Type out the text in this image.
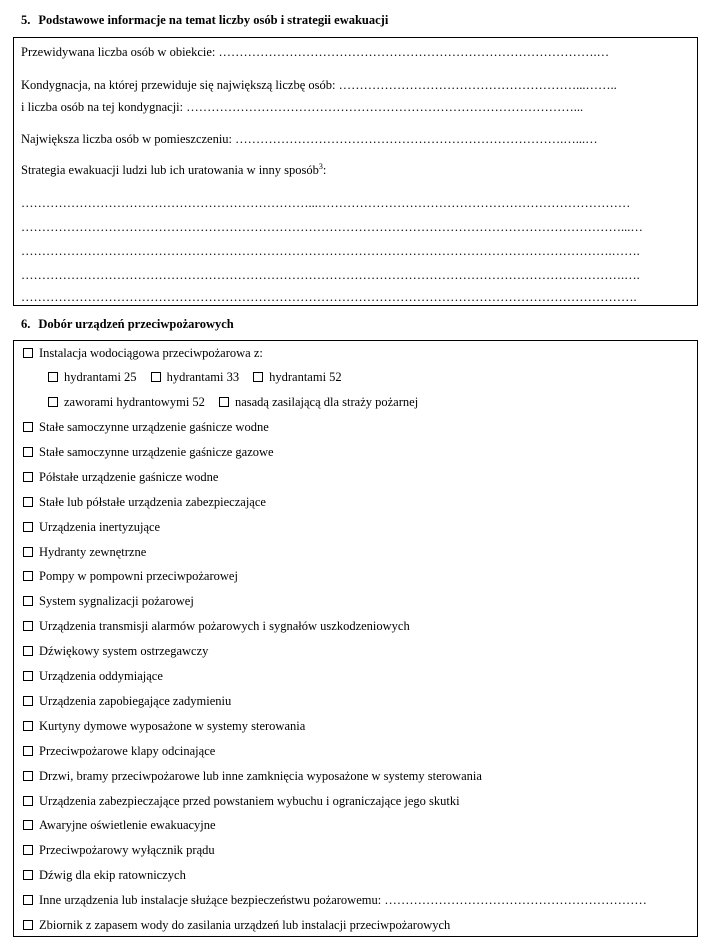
5. Podstawowe informacje na temat liczby osób i strategii ewakuacji
Przewidywana liczba osób w obiekcie: ……………………………………………………………………………….…
Kondygnacja, na której przewiduje się największą liczbę osób: …………………………………………………...……..
i liczba osób na tej kondygnacji: …………………………………………………………………………………...
Największa liczba osób w pomieszczeniu: …………………………………………………………………….…...…
Strategia ewakuacji ludzi lub ich uratowania w inny sposób$^3$:
……………………………………………………………...…………………………………………………………………
………………………………………………………………………………………………………………………………...…
…………………………………………………………………………………………………………………………….…….
……………………………………………………………………………………………………………………………….….
………………………………………………………………………………………………………………………………….
6. Dobór urządzeń przeciwpożarowych
Instalacja wodociągowa przeciwpożarowa z:
hydrantami 25 hydrantami 33 hydrantami 52
zaworami hydrantowymi 52 nasadą zasilającą dla straży pożarnej
Stałe samoczynne urządzenie gaśnicze wodne
Stałe samoczynne urządzenie gaśnicze gazowe
Półstałe urządzenie gaśnicze wodne
Stałe lub półstałe urządzenia zabezpieczające
Urządzenia inertyzujące
Hydranty zewnętrzne
Pompy w pompowni przeciwpożarowej
System sygnalizacji pożarowej
Urządzenia transmisji alarmów pożarowych i sygnałów uszkodzeniowych
Dźwiękowy system ostrzegawczy
Urządzenia oddymiające
Urządzenia zapobiegające zadymieniu
Kurtyny dymowe wyposażone w systemy sterowania
Przeciwpożarowe klapy odcinające
Drzwi, bramy przeciwpożarowe lub inne zamknięcia wyposażone w systemy sterowania
Urządzenia zabezpieczające przed powstaniem wybuchu i ograniczające jego skutki
Awaryjne oświetlenie ewakuacyjne
Przeciwpożarowy wyłącznik prądu
Dźwig dla ekip ratowniczych
Inne urządzenia lub instalacje służące bezpieczeństwu pożarowemu: ………………………………………………………
Zbiornik z zapasem wody do zasilania urządzeń lub instalacji przeciwpożarowych
